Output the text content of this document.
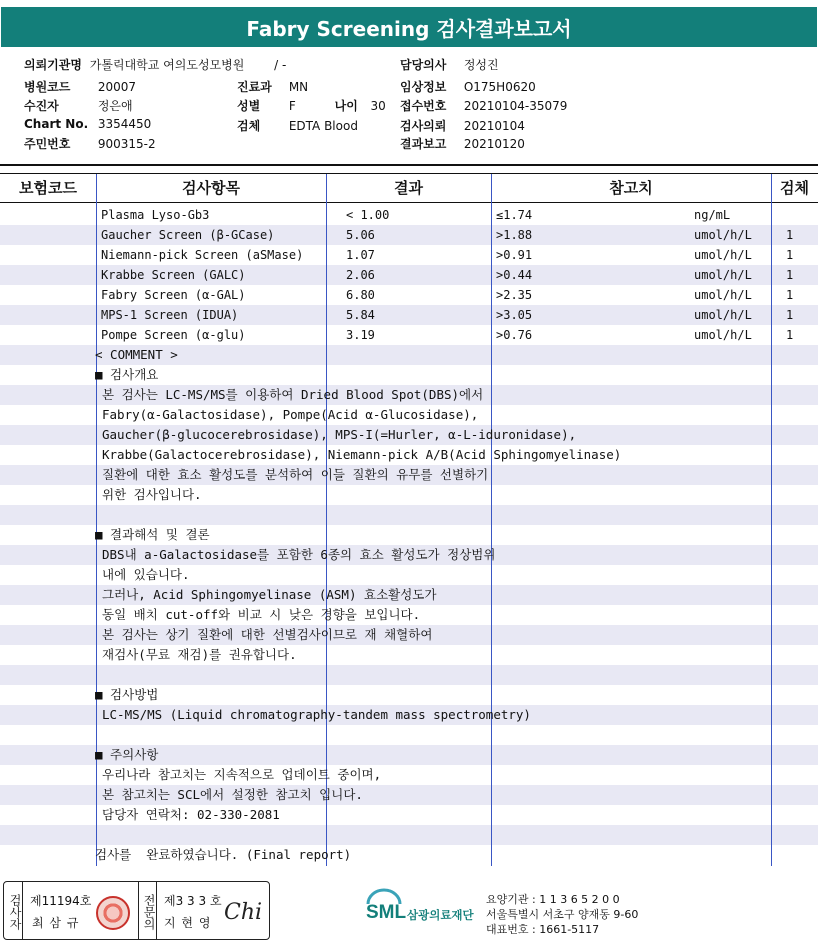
Fabry Screening 검사결과보고서
의뢰기관명 가톨릭대학교 여의도성모병원 / -
병원코드 20007
수진자	정은애
Chart No. 3354450
주민번호 900315-2
진료과 MN
성별 F	나이 30
검체 EDTA Blood
담당의사 정성진
임상정보 O175H0620
접수번호 20210104-35079
검사의뢰 20210104
결과보고 20210120
보험코드	검사항목	결과	참고치	검체
Plasma Lyso-Gb3	< 1.00	≤1.74	ng/mL
Gaucher Screen (β-GCase)	5.06	>1.88	umol/h/L	1
Niemann-pick Screen (aSMase)	1.07	>0.91	umol/h/L	1
Krabbe Screen (GALC)	2.06	>0.44	umol/h/L	1
Fabry Screen (α-GAL)	6.80	>2.35	umol/h/L	1
MPS-1 Screen (IDUA)	5.84	>3.05	umol/h/L	1
Pompe Screen (α-glu)	3.19	>0.76	umol/h/L	1
< COMMENT >
■ 검사개요
본 검사는 LC-MS/MS를 이용하여 Dried Blood Spot(DBS)에서
Fabry(α-Galactosidase), Pompe(Acid α-Glucosidase),
Gaucher(β-glucocerebrosidase), MPS-I(=Hurler, α-L-iduronidase),
Krabbe(Galactocerebrosidase), Niemann-pick A/B(Acid Sphingomyelinase)
질환에 대한 효소 활성도를 분석하여 이들 질환의 유무를 선별하기
위한 검사입니다.
■ 결과해석 및 결론
DBS내 a-Galactosidase를 포함한 6종의 효소 활성도가 정상범위
내에 있습니다.
그러나, Acid Sphingomyelinase (ASM) 효소활성도가
동일 배치 cut-off와 비교 시 낮은 경향을 보입니다.
본 검사는 상기 질환에 대한 선별검사이므로 재 채혈하여
재검사(무료 재검)를 권유합니다.
■ 검사방법
LC-MS/MS (Liquid chromatography-tandem mass spectrometry)
■ 주의사항
우리나라 참고치는 지속적으로 업데이트 중이며,
본 참고치는 SCL에서 설정한 참고치 입니다.
담당자 연락처: 02-330-2081
검사를  완료하였습니다. (Final report)
검사자 제11194호
최 삼 규	전문의 제3 3 3 호
지 현 영 Chi	SML 삼광의료재단
요양기관 : 1 1 3 6 5 2 0 0
서울특별시 서초구 양재동 9-60
대표번호 : 1661-5117
